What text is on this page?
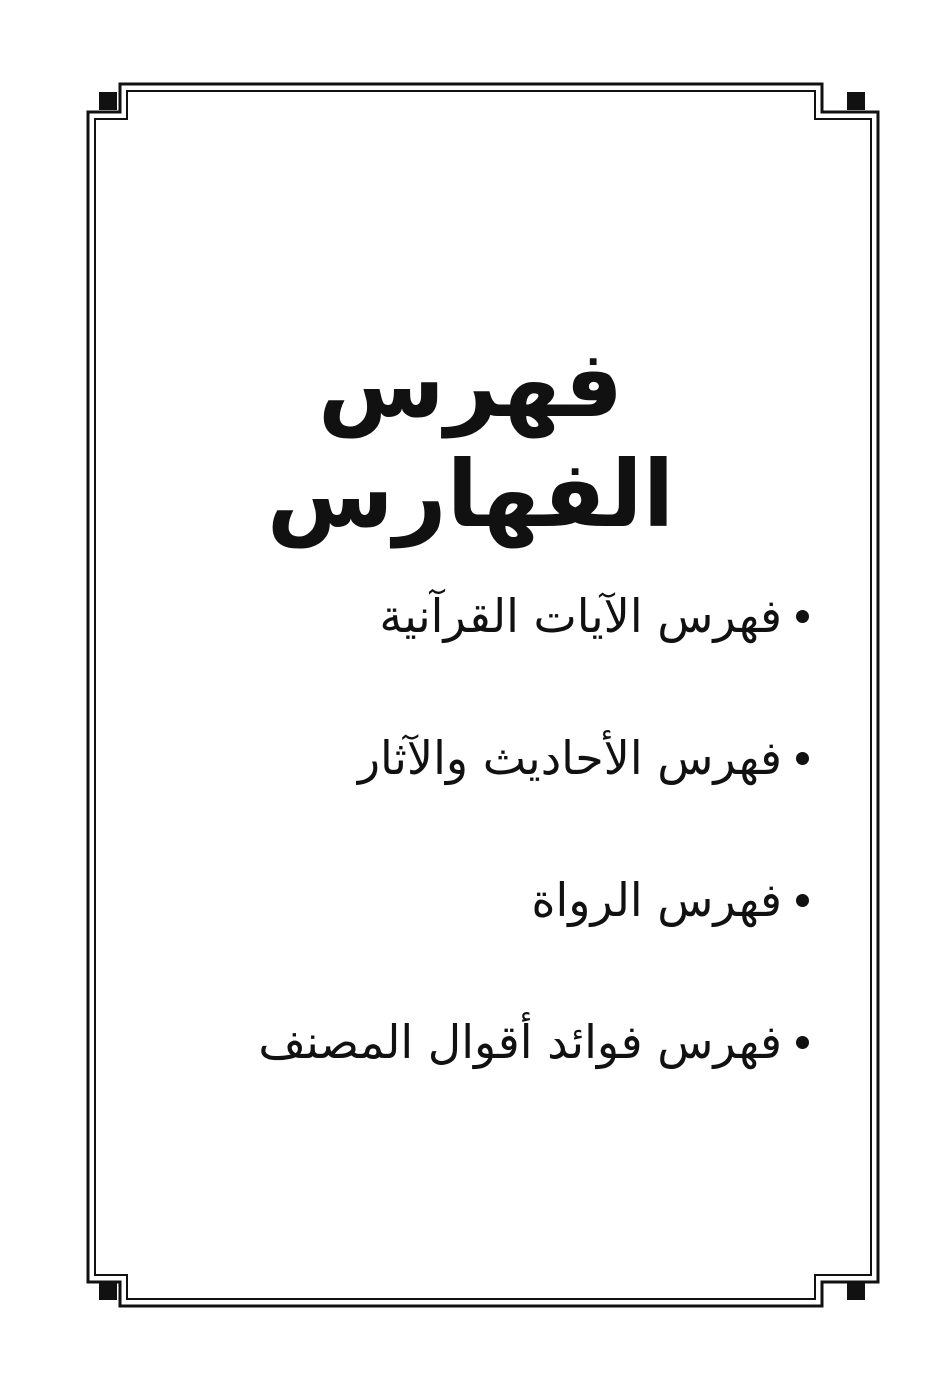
فهرس الفهارس
فهرس الآيات القرآنية
فهرس الأحاديث والآثار
فهرس الرواة
فهرس فوائد أقوال المصنف
